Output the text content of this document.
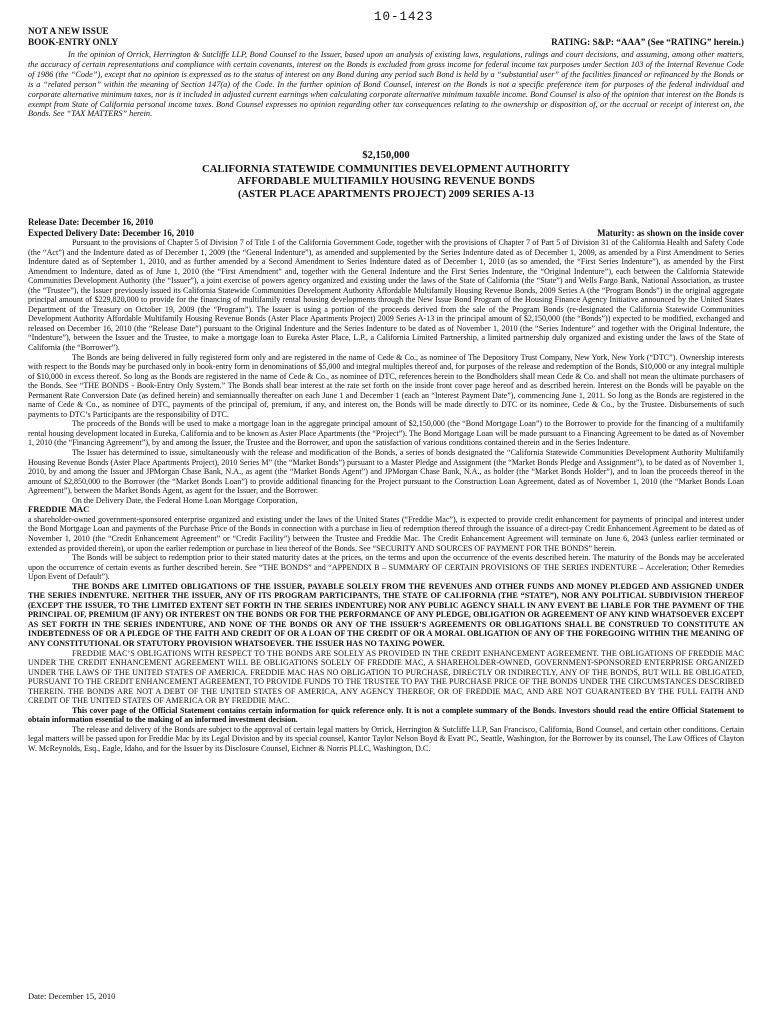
10-1423
NOT A NEW ISSUE
BOOK-ENTRY ONLY	RATING: S&P: “AAA” (See “RATING” herein.)
In the opinion of Orrick, Herrington & Sutcliffe LLP, Bond Counsel to the Issuer, based upon an analysis of existing laws, regulations, rulings and court decisions, and assuming, among other matters, the accuracy of certain representations and compliance with certain covenants, interest on the Bonds is excluded from gross income for federal income tax purposes under Section 103 of the Internal Revenue Code of 1986 (the “Code”), except that no opinion is expressed as to the status of interest on any Bond during any period such Bond is held by a “substantial user” of the facilities financed or refinanced by the Bonds or is a “related person” within the meaning of Section 147(a) of the Code. In the further opinion of Bond Counsel, interest on the Bonds is not a specific preference item for purposes of the federal individual and corporate alternative minimum taxes, nor is it included in adjusted current earnings when calculating corporate alternative minimum taxable income. Bond Counsel is also of the opinion that interest on the Bonds is exempt from State of California personal income taxes. Bond Counsel expresses no opinion regarding other tax consequences relating to the ownership or disposition of, or the accrual or receipt of interest on, the Bonds. See “TAX MATTERS” herein.
$2,150,000
CALIFORNIA STATEWIDE COMMUNITIES DEVELOPMENT AUTHORITY
AFFORDABLE MULTIFAMILY HOUSING REVENUE BONDS
(ASTER PLACE APARTMENTS PROJECT) 2009 SERIES A-13
Release Date: December 16, 2010
Expected Delivery Date: December 16, 2010	Maturity: as shown on the inside cover

Pursuant to the provisions of Chapter 5 of Division 7 of Title 1 of the California Government Code, together with the provisions of Chapter 7 of Part 5 of Division 31 of the California Health and Safety Code (the “Act”) and the Indenture dated as of December 1, 2009 (the “General Indenture”), as amended and supplemented by the Series Indenture dated as of December 1, 2009, as amended by a First Amendment to Series Indenture dated as of September 1, 2010, and as further amended by a Second Amendment to Series Indenture dated as of December 1, 2010 (as so amended, the “First Series Indenture”), as amended by the First Amendment to Indenture, dated as of June 1, 2010 (the “First Amendment” and, together with the General Indenture and the First Series Indenture, the “Original Indenture”), each between the California Statewide Communities Development Authority (the “Issuer”), a joint exercise of powers agency organized and existing under the laws of the State of California (the “State”) and Wells Fargo Bank, National Association, as trustee (the “Trustee”), the Issuer previously issued its California Statewide Communities Development Authority Affordable Multifamily Housing Revenue Bonds, 2009 Series A (the “Program Bonds”) in the original aggregate principal amount of $229,820,000 to provide for the financing of multifamily rental housing developments through the New Issue Bond Program of the Housing Finance Agency Initiative announced by the United States Department of the Treasury on October 19, 2009 (the “Program”). The Issuer is using a portion of the proceeds derived from the sale of the Program Bonds (re-designated the California Statewide Communities Development Authority Affordable Multifamily Housing Revenue Bonds (Aster Place Apartments Project) 2009 Series A-13 in the principal amount of $2,150,000 (the “Bonds”)) expected to be modified, exchanged and released on December 16, 2010 (the “Release Date”) pursuant to the Original Indenture and the Series Indenture to be dated as of November 1, 2010 (the “Series Indenture” and together with the Original Indenture, the “Indenture”), between the Issuer and the Trustee, to make a mortgage loan to Eureka Aster Place, L.P., a California Limited Partnership, a limited partnership duly organized and existing under the laws of the State of California (the “Borrower”).

The Bonds are being delivered in fully registered form only and are registered in the name of Cede & Co., as nominee of The Depository Trust Company, New York, New York (“DTC”). Ownership interests with respect to the Bonds may be purchased only in book-entry form in denominations of $5,000 and integral multiples thereof and, for purposes of the release and redemption of the Bonds, $10,000 or any integral multiple of $10,000 in excess thereof. So long as the Bonds are registered in the name of Cede & Co., as nominee of DTC, references herein to the Bondholders shall mean Cede & Co. and shall not mean the ultimate purchasers of the Bonds. See “THE BONDS - Book-Entry Only System.” The Bonds shall bear interest at the rate set forth on the inside front cover page hereof and as described herein. Interest on the Bonds will be payable on the Permanent Rate Conversion Date (as defined herein) and semiannually thereafter on each June 1 and December 1 (each an “Interest Payment Date”), commencing June 1, 2011. So long as the Bonds are registered in the name of Cede & Co., as nominee of DTC, payments of the principal of, premium, if any, and interest on, the Bonds will be made directly to DTC or its nominee, Cede & Co., by the Trustee. Disbursements of such payments to DTC’s Participants are the responsibility of DTC.

The proceeds of the Bonds will be used to make a mortgage loan in the aggregate principal amount of $2,150,000 (the “Bond Mortgage Loan”) to the Borrower to provide for the financing of a multifamily rental housing development located in Eureka, California and to be known as Aster Place Apartments (the “Project”). The Bond Mortgage Loan will be made pursuant to a Financing Agreement to be dated as of November 1, 2010 (the “Financing Agreement”), by and among the Issuer, the Trustee and the Borrower, and upon the satisfaction of various conditions contained therein and in the Series Indenture.

The Issuer has determined to issue, simultaneously with the release and modification of the Bonds, a series of bonds designated the “California Statewide Communities Development Authority Multifamily Housing Revenue Bonds (Aster Place Apartments Project), 2010 Series M” (the “Market Bonds”) pursuant to a Master Pledge and Assignment (the “Market Bonds Pledge and Assignment”), to be dated as of November 1, 2010, by and among the Issuer and JPMorgan Chase Bank, N.A., as agent (the “Market Bonds Agent”) and JPMorgan Chase Bank, N.A., as holder (the “Market Bonds Holder”), and to loan the proceeds thereof in the amount of $2,850,000 to the Borrower (the “Market Bonds Loan”) to provide additional financing for the Project pursuant to the Construction Loan Agreement, dated as of November 1, 2010 (the “Market Bonds Loan Agreement”), between the Market Bonds Agent, as agent for the Issuer, and the Borrower.

On the Delivery Date, the Federal Home Loan Mortgage Corporation,

FREDDIE MAC

a shareholder-owned government-sponsored enterprise organized and existing under the laws of the United States (“Freddie Mac”), is expected to provide credit enhancement for payments of principal and interest under the Bond Mortgage Loan and payments of the Purchase Price of the Bonds in connection with a purchase in lieu of redemption thereof through the issuance of a direct-pay Credit Enhancement Agreement to be dated as of November 1, 2010 (the “Credit Enhancement Agreement” or “Credit Facility”) between the Trustee and Freddie Mac. The Credit Enhancement Agreement will terminate on June 6, 2043 (unless earlier terminated or extended as provided therein), or upon the earlier redemption or purchase in lieu thereof of the Bonds. See “SECURITY AND SOURCES OF PAYMENT FOR THE BONDS” herein.

The Bonds will be subject to redemption prior to their stated maturity dates at the prices, on the terms and upon the occurrence of the events described herein. The maturity of the Bonds may be accelerated upon the occurrence of certain events as further described herein. See “THE BONDS” and “APPENDIX B – SUMMARY OF CERTAIN PROVISIONS OF THE SERIES INDENTURE – Acceleration; Other Remedies Upon Event of Default”).

THE BONDS ARE LIMITED OBLIGATIONS OF THE ISSUER, PAYABLE SOLELY FROM THE REVENUES AND OTHER FUNDS AND MONEY PLEDGED AND ASSIGNED UNDER THE SERIES INDENTURE. NEITHER THE ISSUER, ANY OF ITS PROGRAM PARTICIPANTS, THE STATE OF CALIFORNIA (THE “STATE”), NOR ANY POLITICAL SUBDIVISION THEREOF (EXCEPT THE ISSUER, TO THE LIMITED EXTENT SET FORTH IN THE SERIES INDENTURE) NOR ANY PUBLIC AGENCY SHALL IN ANY EVENT BE LIABLE FOR THE PAYMENT OF THE PRINCIPAL OF, PREMIUM (IF ANY) OR INTEREST ON THE BONDS OR FOR THE PERFORMANCE OF ANY PLEDGE, OBLIGATION OR AGREEMENT OF ANY KIND WHATSOEVER EXCEPT AS SET FORTH IN THE SERIES INDENTURE, AND NONE OF THE BONDS OR ANY OF THE ISSUER’S AGREEMENTS OR OBLIGATIONS SHALL BE CONSTRUED TO CONSTITUTE AN INDEBTEDNESS OF OR A PLEDGE OF THE FAITH AND CREDIT OF OR A LOAN OF THE CREDIT OF OR A MORAL OBLIGATION OF ANY OF THE FOREGOING WITHIN THE MEANING OF ANY CONSTITUTIONAL OR STATUTORY PROVISION WHATSOEVER. THE ISSUER HAS NO TAXING POWER.

FREDDIE MAC’S OBLIGATIONS WITH RESPECT TO THE BONDS ARE SOLELY AS PROVIDED IN THE CREDIT ENHANCEMENT AGREEMENT. THE OBLIGATIONS OF FREDDIE MAC UNDER THE CREDIT ENHANCEMENT AGREEMENT WILL BE OBLIGATIONS SOLELY OF FREDDIE MAC, A SHAREHOLDER-OWNED, GOVERNMENT-SPONSORED ENTERPRISE ORGANIZED UNDER THE LAWS OF THE UNITED STATES OF AMERICA. FREDDIE MAC HAS NO OBLIGATION TO PURCHASE, DIRECTLY OR INDIRECTLY, ANY OF THE BONDS, BUT WILL BE OBLIGATED, PURSUANT TO THE CREDIT ENHANCEMENT AGREEMENT, TO PROVIDE FUNDS TO THE TRUSTEE TO PAY THE PURCHASE PRICE OF THE BONDS UNDER THE CIRCUMSTANCES DESCRIBED THEREIN. THE BONDS ARE NOT A DEBT OF THE UNITED STATES OF AMERICA, ANY AGENCY THEREOF, OR OF FREDDIE MAC, AND ARE NOT GUARANTEED BY THE FULL FAITH AND CREDIT OF THE UNITED STATES OF AMERICA OR BY FREDDIE MAC.

This cover page of the Official Statement contains certain information for quick reference only. It is not a complete summary of the Bonds. Investors should read the entire Official Statement to obtain information essential to the making of an informed investment decision.

The release and delivery of the Bonds are subject to the approval of certain legal matters by Orrick, Herrington & Sutcliffe LLP, San Francisco, California, Bond Counsel, and certain other conditions. Certain legal matters will be passed upon for Freddie Mac by its Legal Division and by its special counsel, Kantor Taylor Nelson Boyd & Evatt PC, Seattle, Washington, for the Borrower by its counsel, The Law Offices of Clayton W. McReynolds, Esq., Eagle, Idaho, and for the Issuer by its Disclosure Counsel, Eichner & Norris PLLC, Washington, D.C.

Date: December 15, 2010
